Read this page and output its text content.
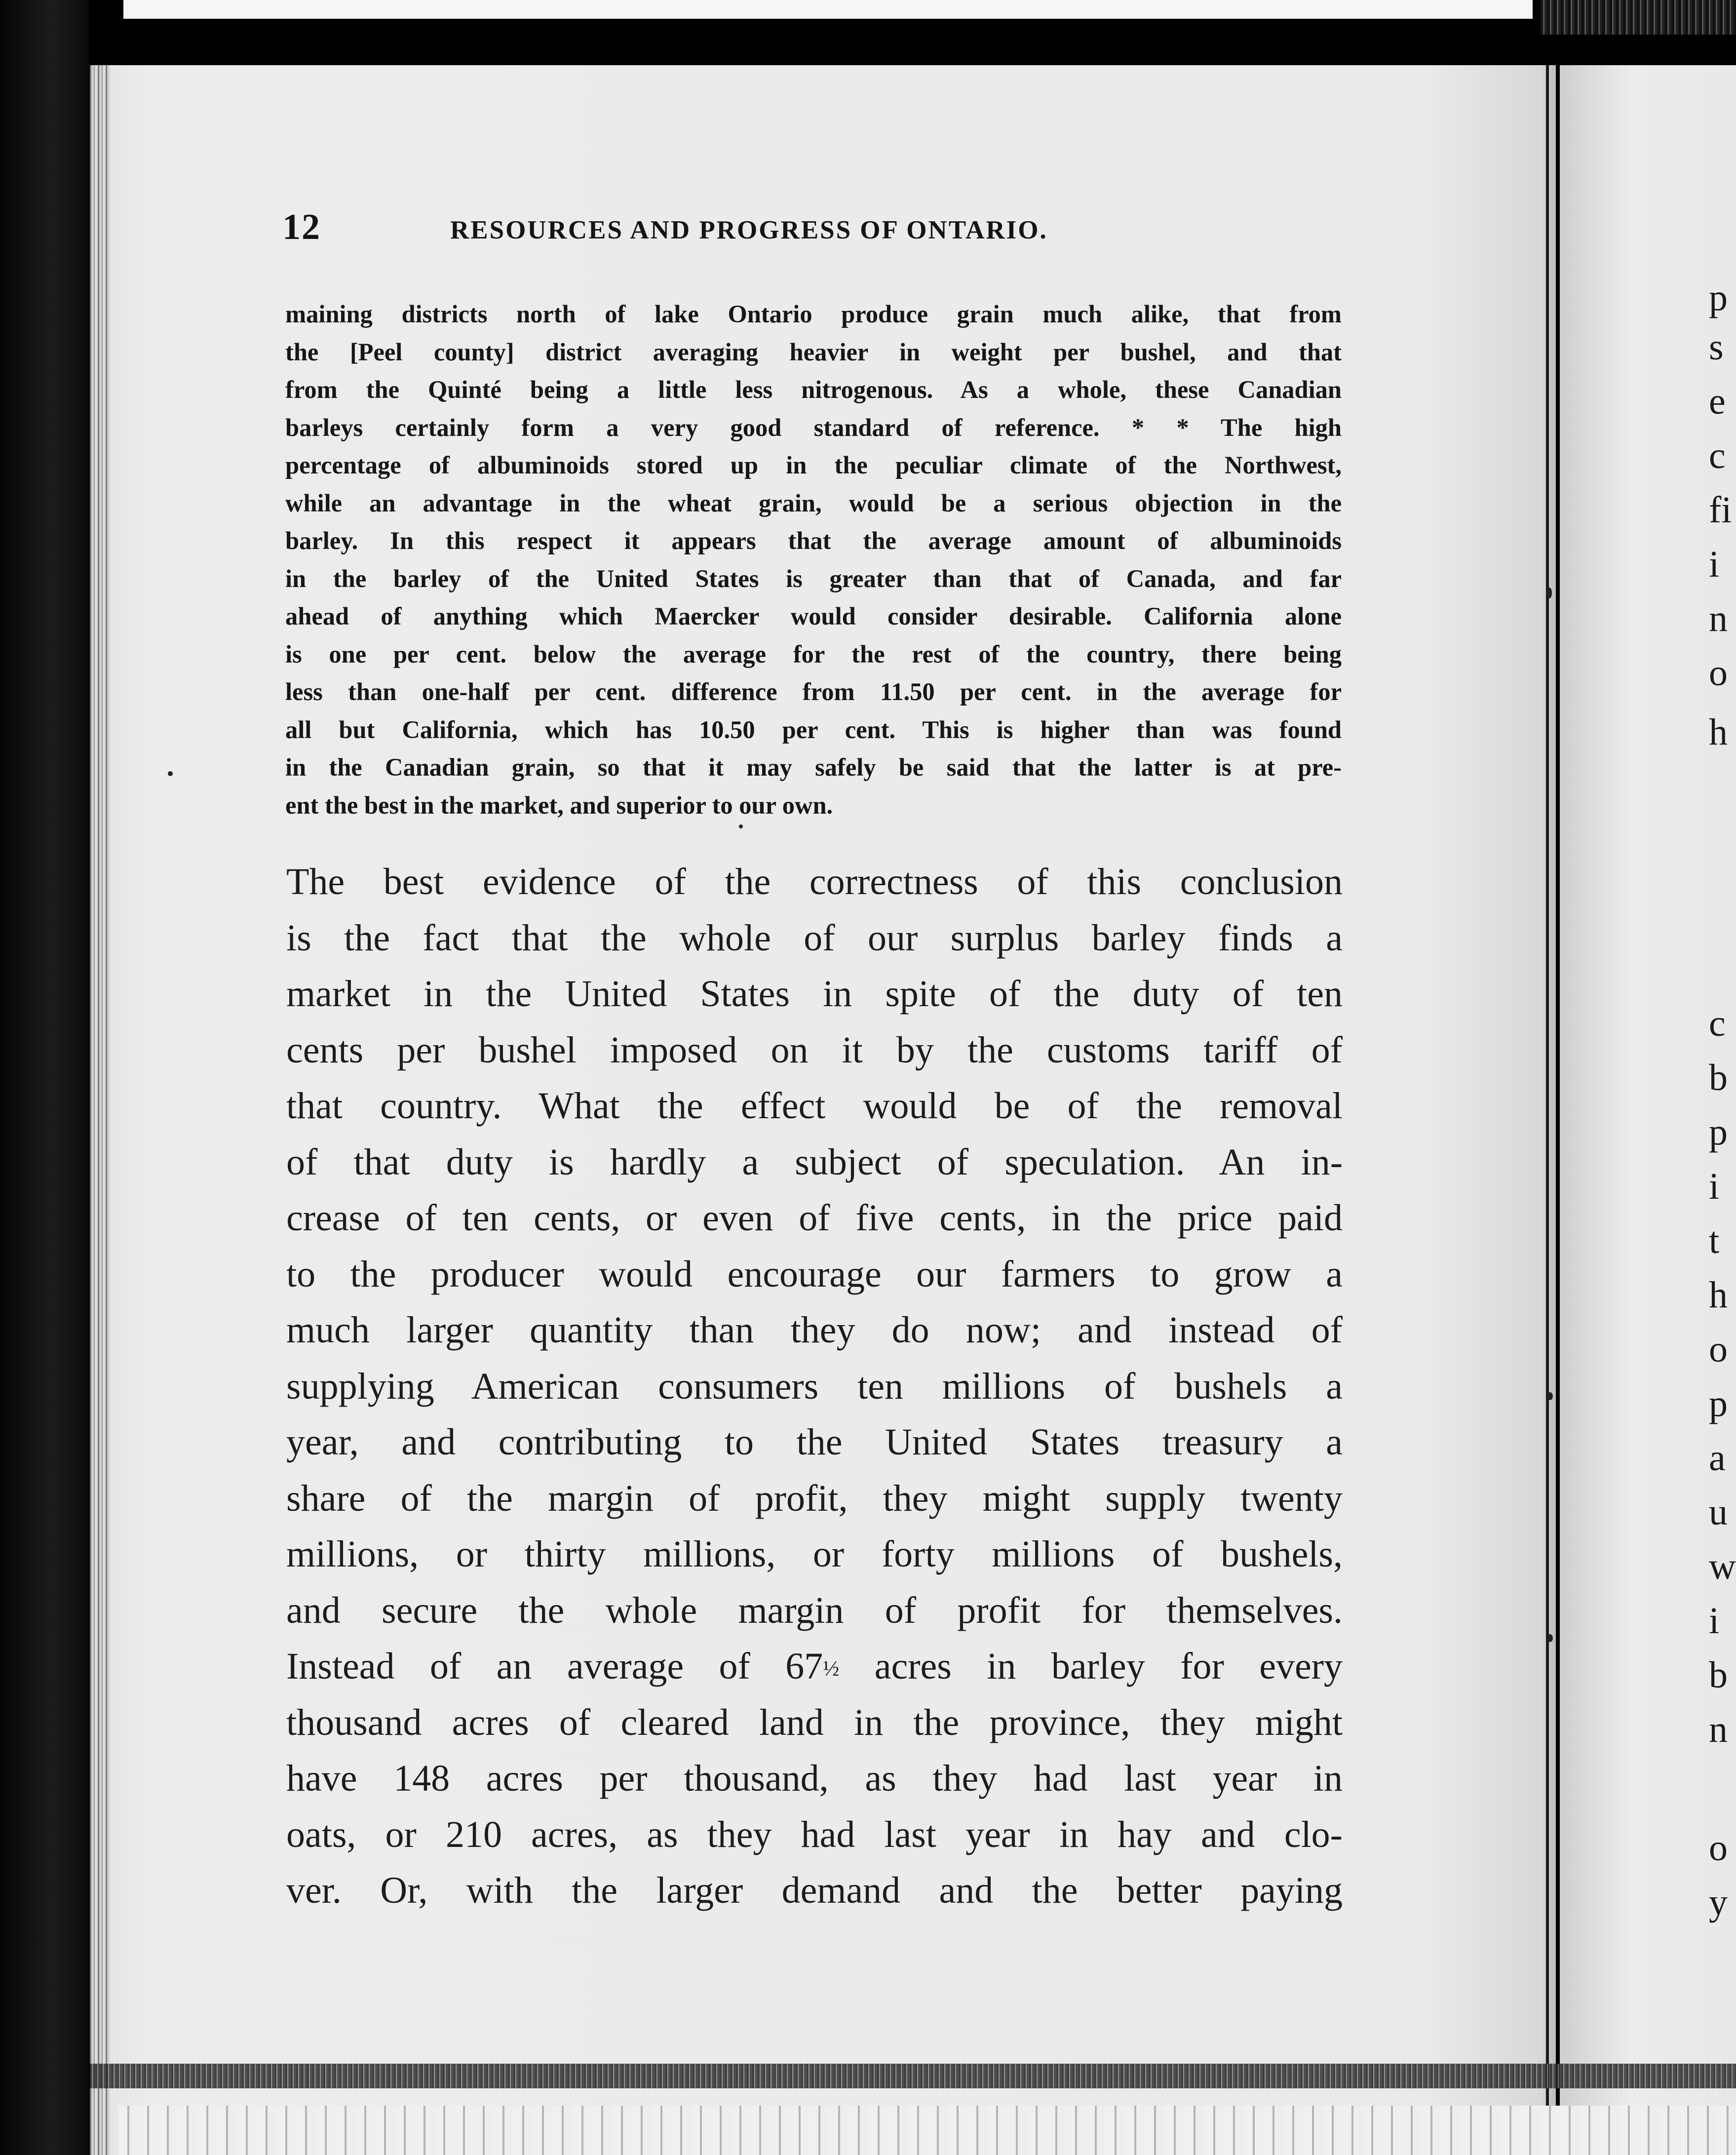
12	RESOURCES AND PROGRESS OF ONTARIO.
maining districts north of lake Ontario produce grain much alike, that from
the [Peel county] district averaging heavier in weight per bushel, and that
from the Quinté being a little less nitrogenous. As a whole, these Canadian
barleys certainly form a very good standard of reference. * * The high
percentage of albuminoids stored up in the peculiar climate of the Northwest,
while an advantage in the wheat grain, would be a serious objection in the
barley. In this respect it appears that the average amount of albuminoids
in the barley of the United States is greater than that of Canada, and far
ahead of anything which Maercker would consider desirable. California alone
is one per cent. below the average for the rest of the country, there being
less than one-half per cent. difference from 11.50 per cent. in the average for
all but California, which has 10.50 per cent. This is higher than was found
in the Canadian grain, so that it may safely be said that the latter is at pre-
ent the best in the market, and superior to our own.
The best evidence of the correctness of this conclusion
is the fact that the whole of our surplus barley finds a
market in the United States in spite of the duty of ten
cents per bushel imposed on it by the customs tariff of
that country. What the effect would be of the removal
of that duty is hardly a subject of speculation. An in-
crease of ten cents, or even of five cents, in the price paid
to the producer would encourage our farmers to grow a
much larger quantity than they do now; and instead of
supplying American consumers ten millions of bushels a
year, and contributing to the United States treasury a
share of the margin of profit, they might supply twenty
millions, or thirty millions, or forty millions of bushels,
and secure the whole margin of profit for themselves.
Instead of an average of 67½ acres in barley for every
thousand acres of cleared land in the province, they might
have 148 acres per thousand, as they had last year in
oats, or 210 acres, as they had last year in hay and clo-
ver. Or, with the larger demand and the better paying
p
s
e
c
fi
i
n
o
h
c
b
p
i
t
h
o
p
a
u
w
i
b
n
o
y
